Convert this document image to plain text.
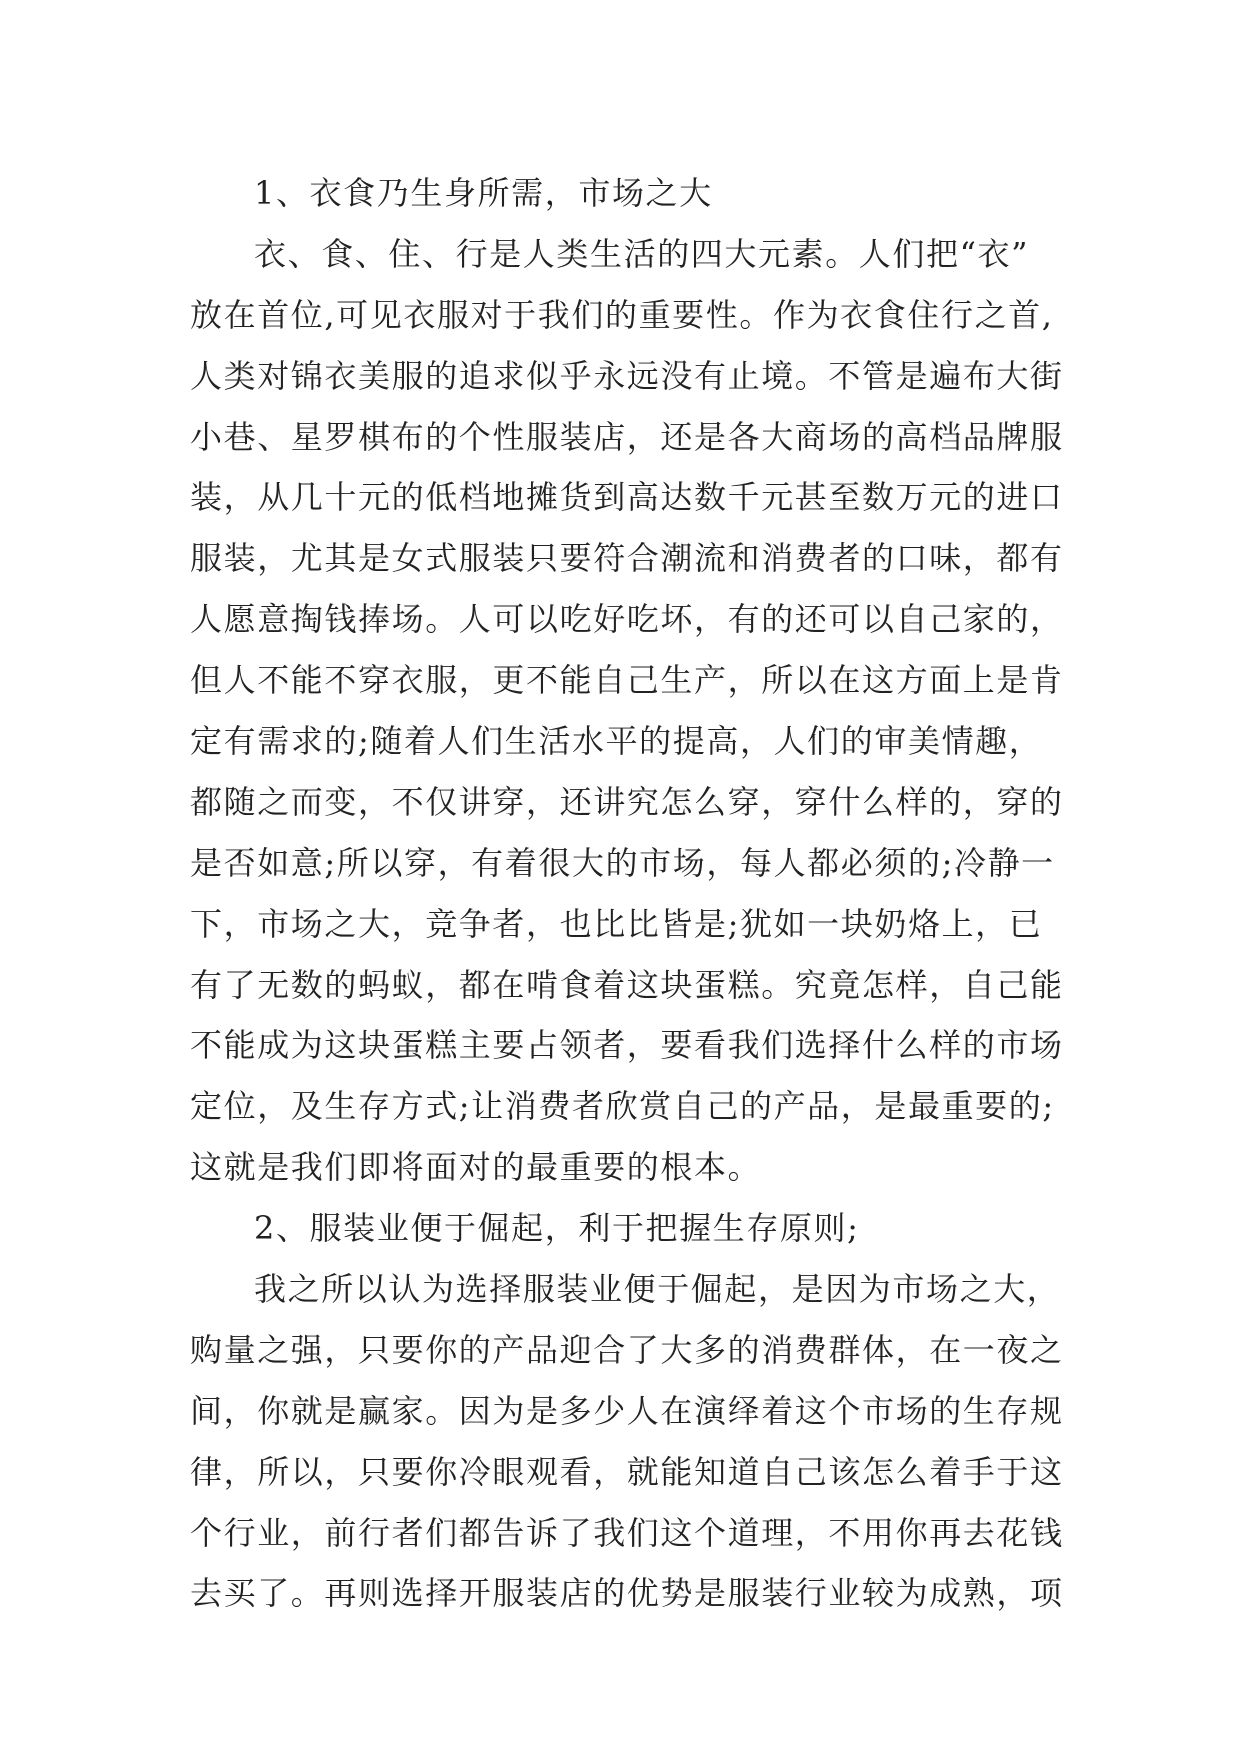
1、衣食乃生身所需，市场之大
衣、食、住、行是人类生活的四大元素。人们把“衣”
放在首位,可见衣服对于我们的重要性。作为衣食住行之首,
人类对锦衣美服的追求似乎永远没有止境。不管是遍布大街
小巷、星罗棋布的个性服装店，还是各大商场的高档品牌服
装，从几十元的低档地摊货到高达数千元甚至数万元的进口
服装，尤其是女式服装只要符合潮流和消费者的口味，都有
人愿意掏钱捧场。人可以吃好吃坏，有的还可以自己家的，
但人不能不穿衣服，更不能自己生产，所以在这方面上是肯
定有需求的;随着人们生活水平的提高，人们的审美情趣，
都随之而变，不仅讲穿，还讲究怎么穿，穿什么样的，穿的
是否如意;所以穿，有着很大的市场，每人都必须的;冷静一
下，市场之大，竞争者，也比比皆是;犹如一块奶烙上，已
有了无数的蚂蚁，都在啃食着这块蛋糕。究竟怎样，自己能
不能成为这块蛋糕主要占领者，要看我们选择什么样的市场
定位，及生存方式;让消费者欣赏自己的产品，是最重要的;
这就是我们即将面对的最重要的根本。
2、服装业便于倔起，利于把握生存原则;
我之所以认为选择服装业便于倔起，是因为市场之大，
购量之强，只要你的产品迎合了大多的消费群体，在一夜之
间，你就是赢家。因为是多少人在演绎着这个市场的生存规
律，所以，只要你冷眼观看，就能知道自己该怎么着手于这
个行业，前行者们都告诉了我们这个道理，不用你再去花钱
去买了。再则选择开服装店的优势是服装行业较为成熟，项
